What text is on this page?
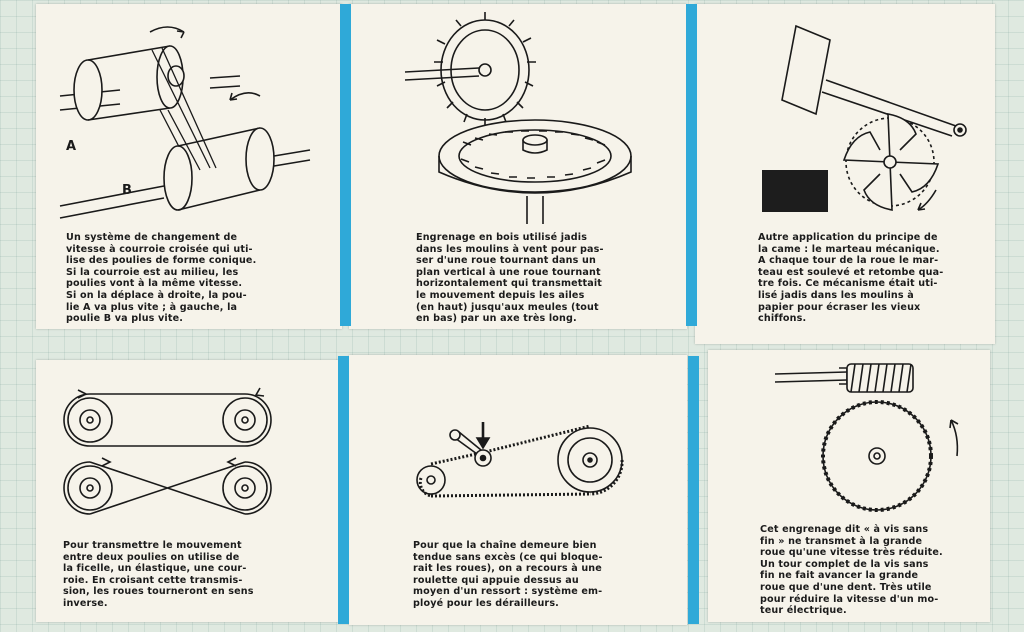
A
B
Un système de changement de
vitesse à courroie croisée qui uti-
lise des poulies de forme conique.
Si la courroie est au milieu, les
poulies vont à la même vitesse.
Si on la déplace à droite, la pou-
lie A va plus vite ; à gauche, la
poulie B va plus vite.
Engrenage en bois utilisé jadis
dans les moulins à vent pour pas-
ser d'une roue tournant dans un
plan vertical à une roue tournant
horizontalement qui transmettait
le mouvement depuis les ailes
(en haut) jusqu'aux meules (tout
en bas) par un axe très long.
Autre application du principe de
la came : le marteau mécanique.
A chaque tour de la roue le mar-
teau est soulevé et retombe qua-
tre fois. Ce mécanisme était uti-
lisé jadis dans les moulins à
papier pour écraser les vieux
chiffons.
Pour transmettre le mouvement
entre deux poulies on utilise de
la ficelle, un élastique, une cour-
roie. En croisant cette transmis-
sion, les roues tourneront en sens
inverse.
Pour que la chaîne demeure bien
tendue sans excès (ce qui bloque-
rait les roues), on a recours à une
roulette qui appuie dessus au
moyen d'un ressort : système em-
ployé pour les dérailleurs.
Cet engrenage dit « à vis sans
fin » ne transmet à la grande
roue qu'une vitesse très réduite.
Un tour complet de la vis sans
fin ne fait avancer la grande
roue que d'une dent. Très utile
pour réduire la vitesse d'un mo-
teur électrique.
